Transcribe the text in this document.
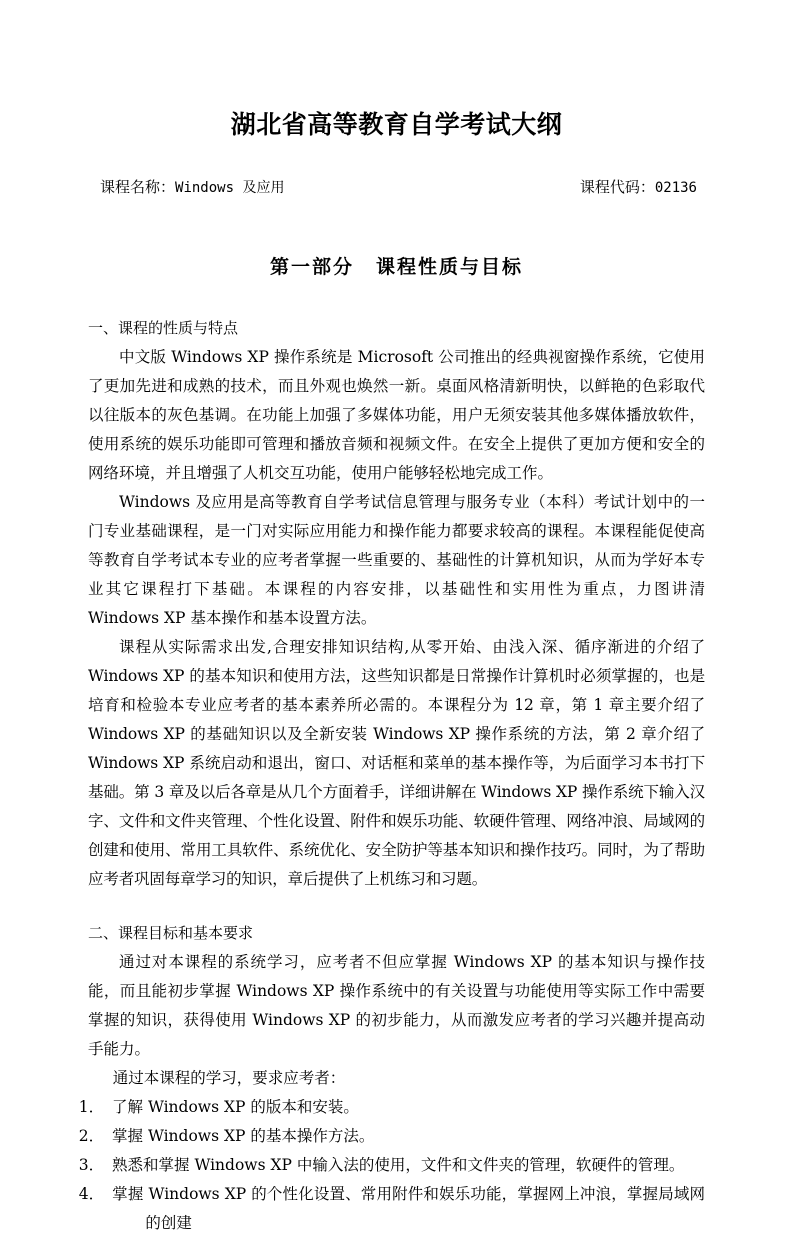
湖北省高等教育自学考试大纲
课程名称：Windows 及应用	课程代码：02136
第一部分 课程性质与目标
一、课程的性质与特点

中文版 Windows XP 操作系统是 Microsoft 公司推出的经典视窗操作系统，它使用了更加先进和成熟的技术，而且外观也焕然一新。桌面风格清新明快，以鲜艳的色彩取代以往版本的灰色基调。在功能上加强了多媒体功能，用户无须安装其他多媒体播放软件，使用系统的娱乐功能即可管理和播放音频和视频文件。在安全上提供了更加方便和安全的网络环境，并且增强了人机交互功能，使用户能够轻松地完成工作。

Windows 及应用是高等教育自学考试信息管理与服务专业（本科）考试计划中的一门专业基础课程，是一门对实际应用能力和操作能力都要求较高的课程。本课程能促使高等教育自学考试本专业的应考者掌握一些重要的、基础性的计算机知识，从而为学好本专业其它课程打下基础。本课程的内容安排，以基础性和实用性为重点，力图讲清 Windows XP 基本操作和基本设置方法。

课程从实际需求出发,合理安排知识结构,从零开始、由浅入深、循序渐进的介绍了 Windows XP 的基本知识和使用方法，这些知识都是日常操作计算机时必须掌握的，也是培育和检验本专业应考者的基本素养所必需的。本课程分为 12 章，第 1 章主要介绍了 Windows XP 的基础知识以及全新安装 Windows XP 操作系统的方法，第 2 章介绍了 Windows XP 系统启动和退出，窗口、对话框和菜单的基本操作等，为后面学习本书打下基础。第 3 章及以后各章是从几个方面着手，详细讲解在 Windows XP 操作系统下输入汉字、文件和文件夹管理、个性化设置、附件和娱乐功能、软硬件管理、网络冲浪、局域网的创建和使用、常用工具软件、系统优化、安全防护等基本知识和操作技巧。同时，为了帮助应考者巩固每章学习的知识，章后提供了上机练习和习题。

二、课程目标和基本要求

通过对本课程的系统学习，应考者不但应掌握 Windows XP 的基本知识与操作技能，而且能初步掌握 Windows XP 操作系统中的有关设置与功能使用等实际工作中需要掌握的知识，获得使用 Windows XP 的初步能力，从而激发应考者的学习兴趣并提高动手能力。

通过本课程的学习，要求应考者：

1． 了解 Windows XP 的版本和安装。
2． 掌握 Windows XP 的基本操作方法。
3． 熟悉和掌握 Windows XP 中输入法的使用，文件和文件夹的管理，软硬件的管理。
4． 掌握 Windows XP 的个性化设置、常用附件和娱乐功能，掌握网上冲浪，掌握局域网的创建
